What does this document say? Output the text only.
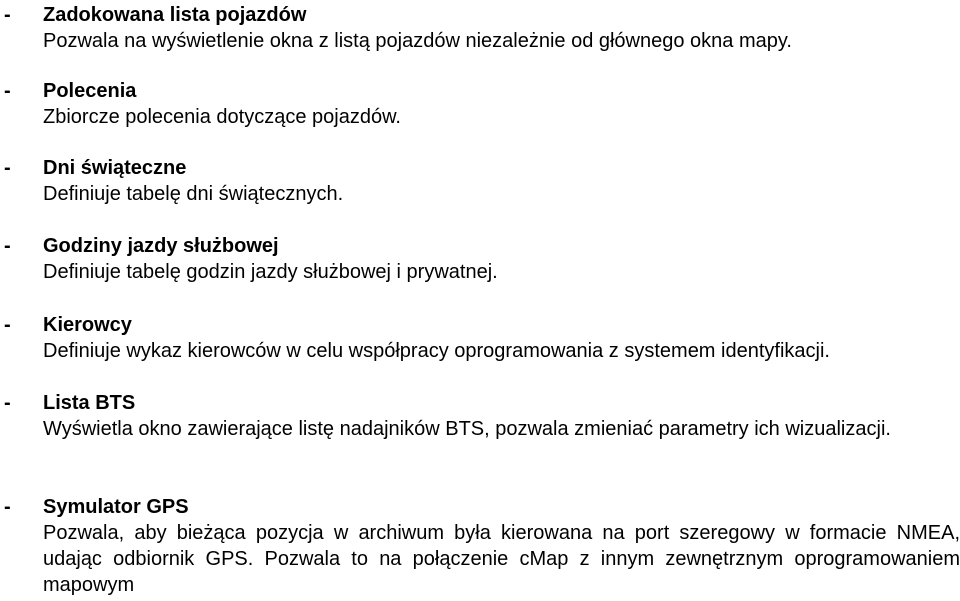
- Zadokowana lista pojazdów
Pozwala na wyświetlenie okna z listą pojazdów niezależnie od głównego okna mapy.
- Polecenia
Zbiorcze polecenia dotyczące pojazdów.
- Dni świąteczne
Definiuje tabelę dni świątecznych.
- Godziny jazdy służbowej
Definiuje tabelę godzin jazdy służbowej i prywatnej.
- Kierowcy
Definiuje wykaz kierowców w celu współpracy oprogramowania z systemem identyfikacji.
- Lista BTS
Wyświetla okno zawierające listę nadajników BTS, pozwala zmieniać parametry ich wizualizacji.
- Symulator GPS
Pozwala, aby bieżąca pozycja w archiwum była kierowana na port szeregowy w formacie NMEA, udając odbiornik GPS. Pozwala to na połączenie cMap z innym zewnętrznym oprogramowaniem mapowym
